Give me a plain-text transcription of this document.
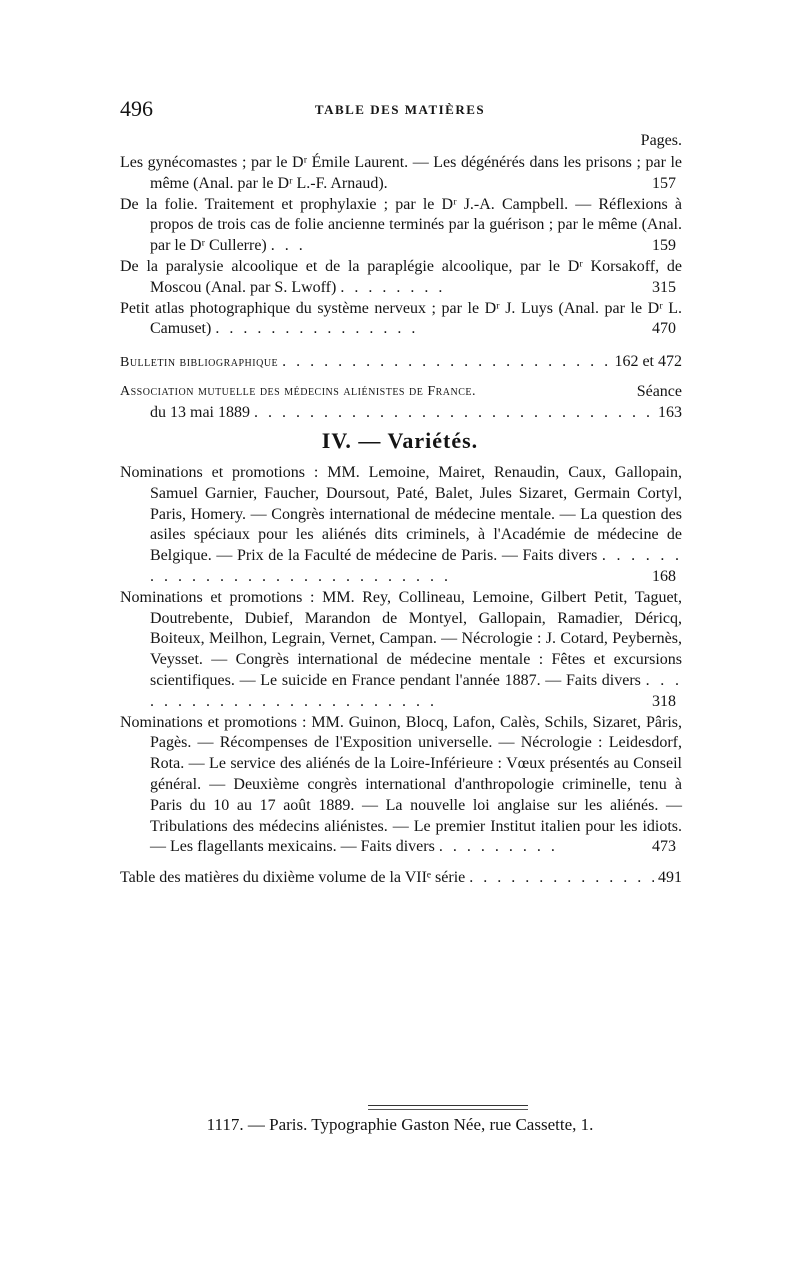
496	TABLE DES MATIÈRES
Pages.
Les gynécomastes ; par le Dʳ Émile Laurent. — Les dégénérés dans les prisons ; par le même (Anal. par le Dʳ L.-F. Arnaud).	157
De la folie. Traitement et prophylaxie ; par le Dʳ J.-A. Campbell. — Réflexions à propos de trois cas de folie ancienne terminés par la guérison ; par le même (Anal. par le Dʳ Cullerre) . . .	159
De la paralysie alcoolique et de la paraplégie alcoolique, par le Dʳ Korsakoff, de Moscou (Anal. par S. Lwoff) . . . . . . . .	315
Petit atlas photographique du système nerveux ; par le Dʳ J. Luys (Anal. par le Dʳ L. Camuset) . . . . . . . . . . . . . . .	470
Bulletin bibliographique . . .	162 et 472
Association mutuelle des médecins aliénistes de France.	Séance
du 13 mai 1889 . . .	163
IV. — Variétés.
Nominations et promotions : MM. Lemoine, Mairet, Renaudin, Caux, Gallopain, Samuel Garnier, Faucher, Doursout, Paté, Balet, Jules Sizaret, Germain Cortyl, Paris, Homery. — Congrès international de médecine mentale. — La question des asiles spéciaux pour les aliénés dits criminels, à l'Académie de médecine de Belgique. — Prix de la Faculté de médecine de Paris. — Faits divers . . . . . . . . . . . . . . . . . . . . . . . . . . . .	168
Nominations et promotions : MM. Rey, Collineau, Lemoine, Gilbert Petit, Taguet, Doutrebente, Dubief, Marandon de Montyel, Gallopain, Ramadier, Déricq, Boiteux, Meilhon, Legrain, Vernet, Campan. — Nécrologie : J. Cotard, Peybernès, Veysset. — Congrès international de médecine mentale : Fêtes et excursions scientifiques. — Le suicide en France pendant l'année 1887. — Faits divers . . . . . . . . . . . . . . . . . . . . . . . .	318
Nominations et promotions : MM. Guinon, Blocq, Lafon, Calès, Schils, Sizaret, Pâris, Pagès. — Récompenses de l'Exposition universelle. — Nécrologie : Leidesdorf, Rota. — Le service des aliénés de la Loire-Inférieure : Vœux présentés au Conseil général. — Deuxième congrès international d'anthropologie criminelle, tenu à Paris du 10 au 17 août 1889. — La nouvelle loi anglaise sur les aliénés. — Tribulations des médecins aliénistes. — Le premier Institut italien pour les idiots. — Les flagellants mexicains. — Faits divers . . . . . . . . .	473
Table des matières du dixième volume de la VIIᵉ série . . .	491
1117. — Paris. Typographie Gaston Née, rue Cassette, 1.
